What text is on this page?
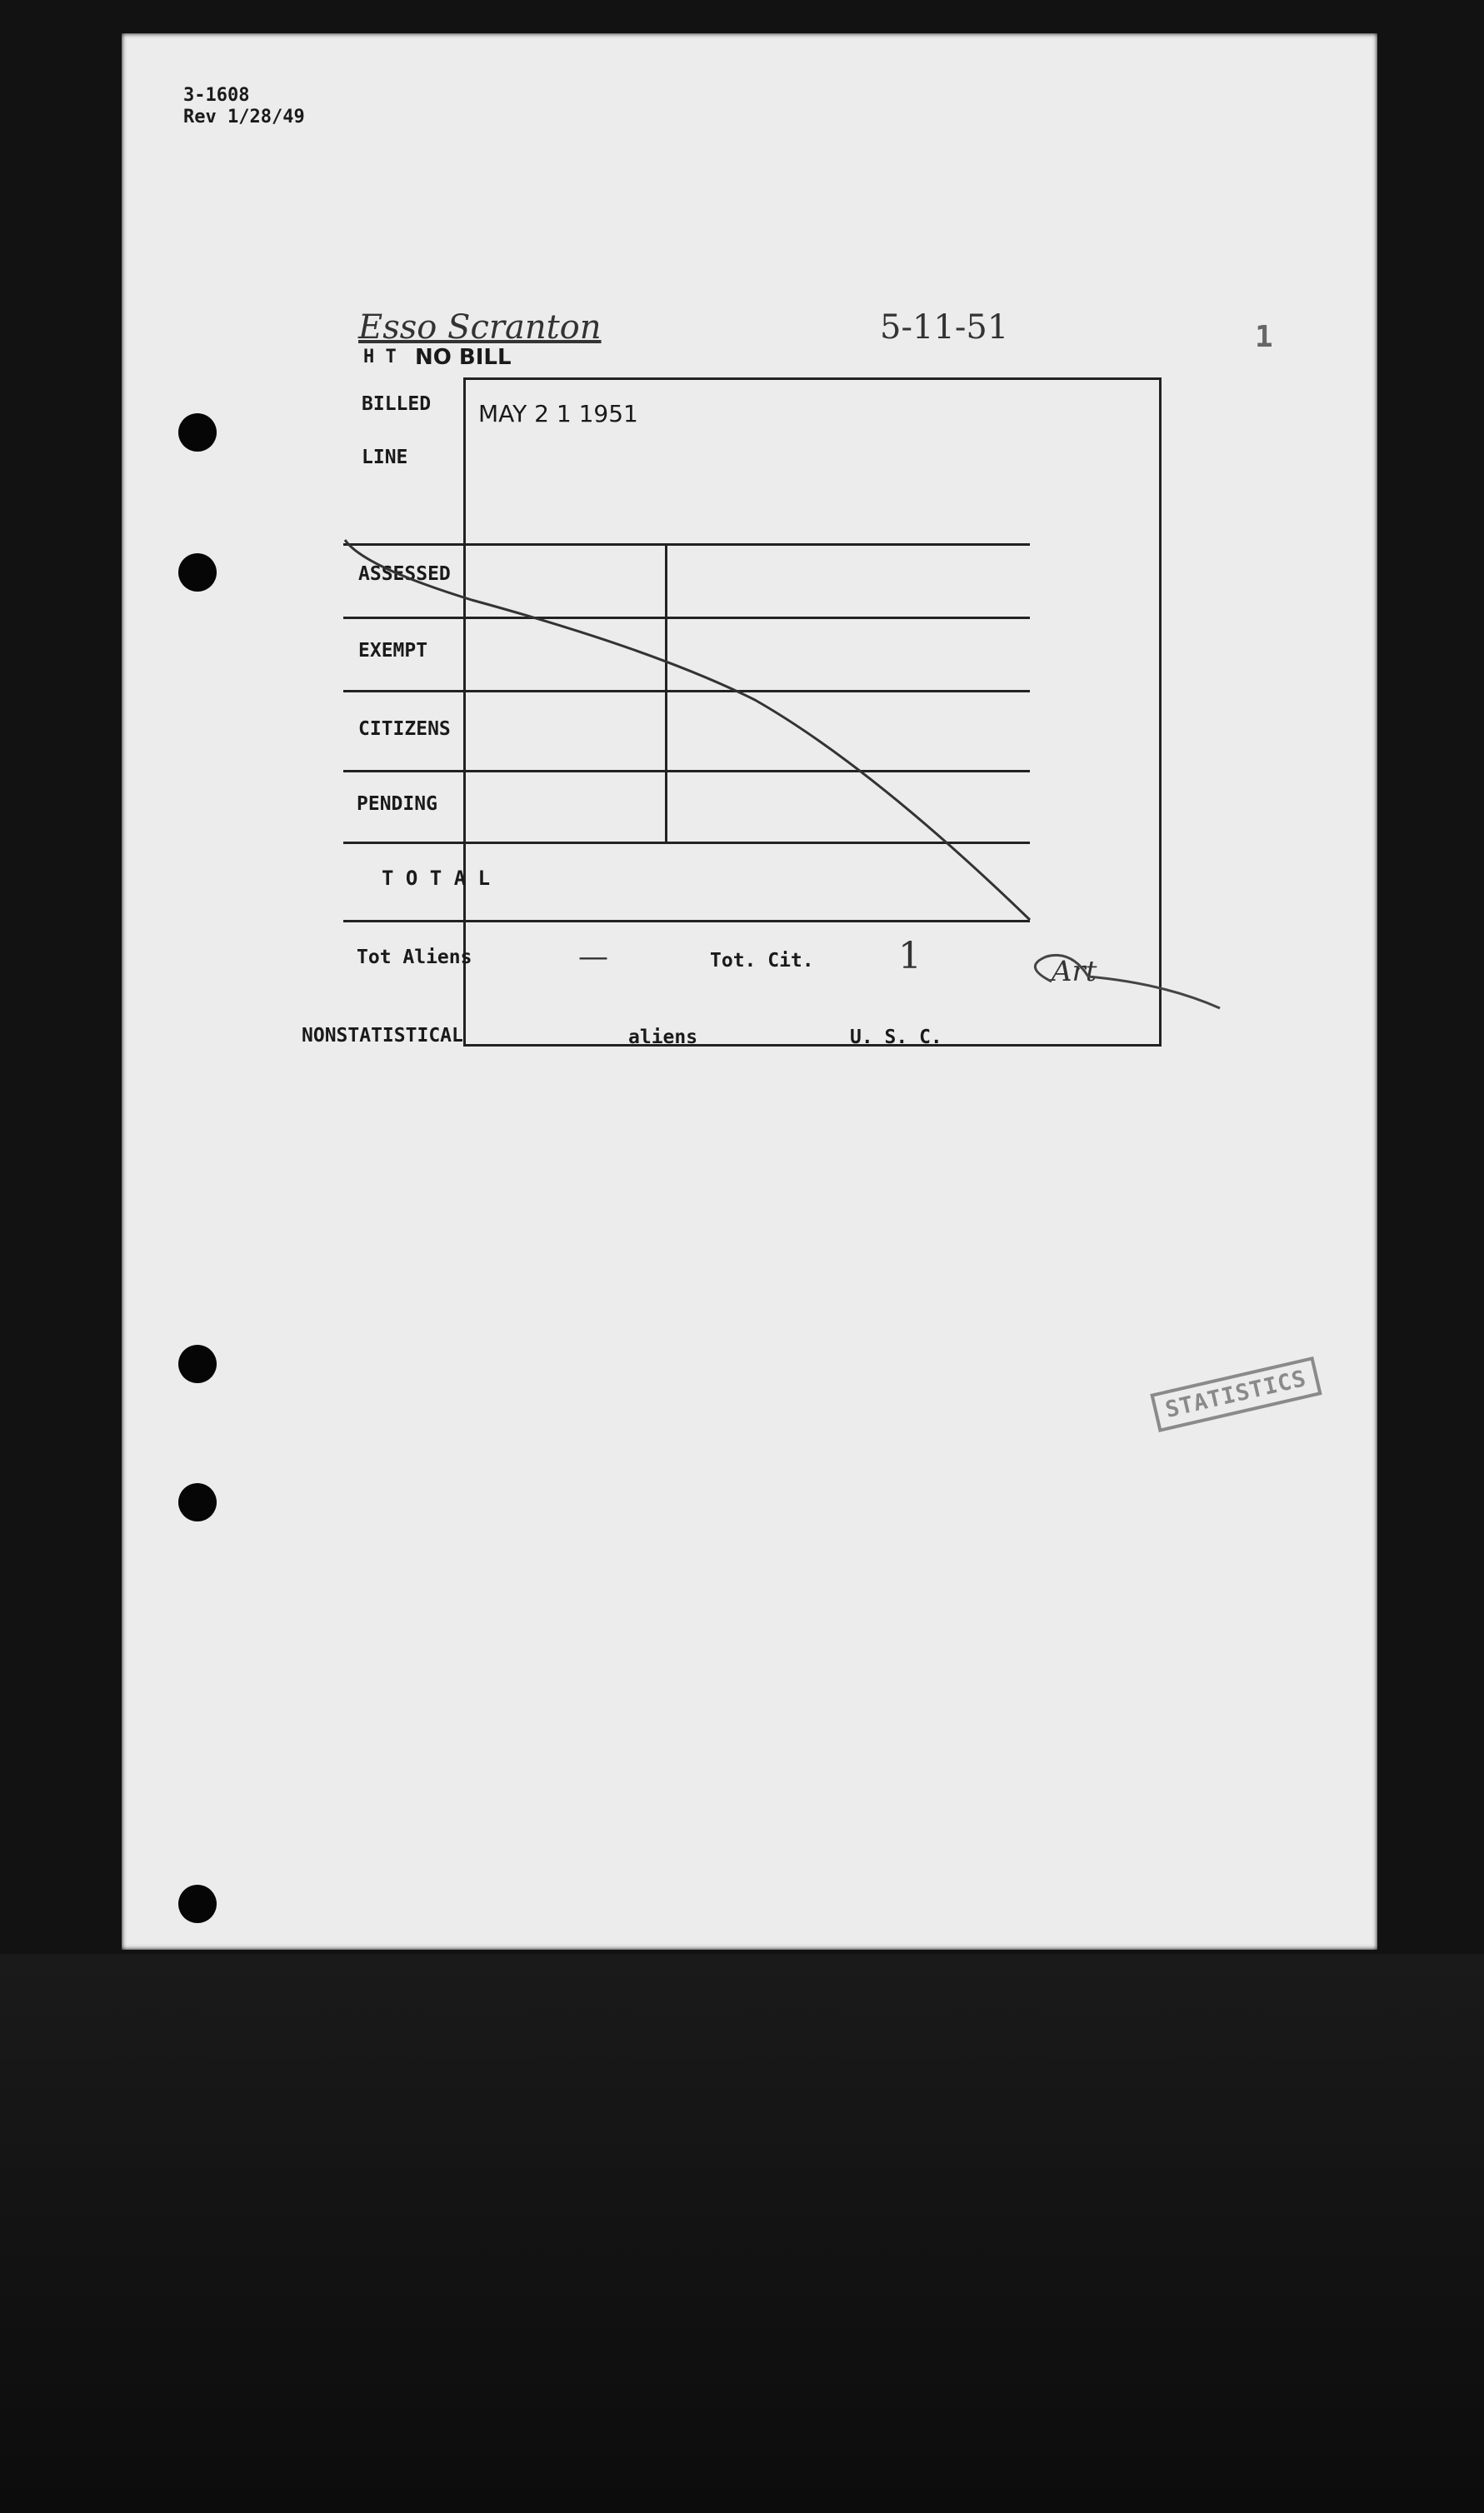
3-1608
Rev 1/28/49
Esso Scranton	5-11-51	1
H T NO BILL
BILLED MAY 2 1 1951
LINE
ASSESSED
EXEMPT
CITIZENS
PENDING
T O T A L
Tot Aliens	—	Tot. Cit. 1	Art
NONSTATISTICAL	aliens	U. S. C.
STATISTICS
